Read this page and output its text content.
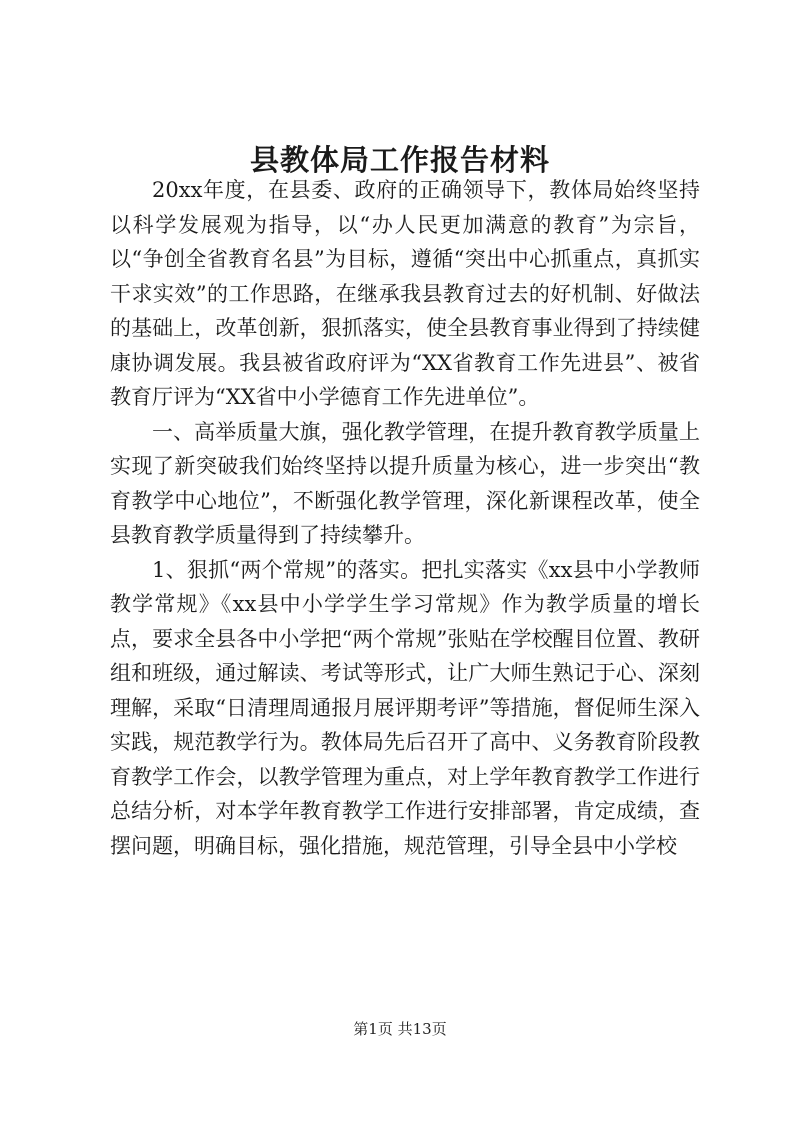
县教体局工作报告材料

20xx年度，在县委、政府的正确领导下，教体局始终坚持以科学发展观为指导，以“办人民更加满意的教育”为宗旨，以“争创全省教育名县”为目标，遵循“突出中心抓重点，真抓实干求实效”的工作思路，在继承我县教育过去的好机制、好做法的基础上，改革创新，狠抓落实，使全县教育事业得到了持续健康协调发展。我县被省政府评为“XX省教育工作先进县”、被省教育厅评为“XX省中小学德育工作先进单位”。

一、高举质量大旗，强化教学管理，在提升教育教学质量上实现了新突破我们始终坚持以提升质量为核心，进一步突出“教育教学中心地位”，不断强化教学管理，深化新课程改革，使全县教育教学质量得到了持续攀升。

1、狠抓“两个常规”的落实。把扎实落实《xx县中小学教师教学常规》《xx县中小学学生学习常规》作为教学质量的增长点，要求全县各中小学把“两个常规”张贴在学校醒目位置、教研组和班级，通过解读、考试等形式，让广大师生熟记于心、深刻理解，采取“日清理周通报月展评期考评”等措施，督促师生深入实践，规范教学行为。教体局先后召开了高中、义务教育阶段教育教学工作会，以教学管理为重点，对上学年教育教学工作进行总结分析，对本学年教育教学工作进行安排部署，肯定成绩，查摆问题，明确目标，强化措施，规范管理，引导全县中小学校

第1页 共13页
